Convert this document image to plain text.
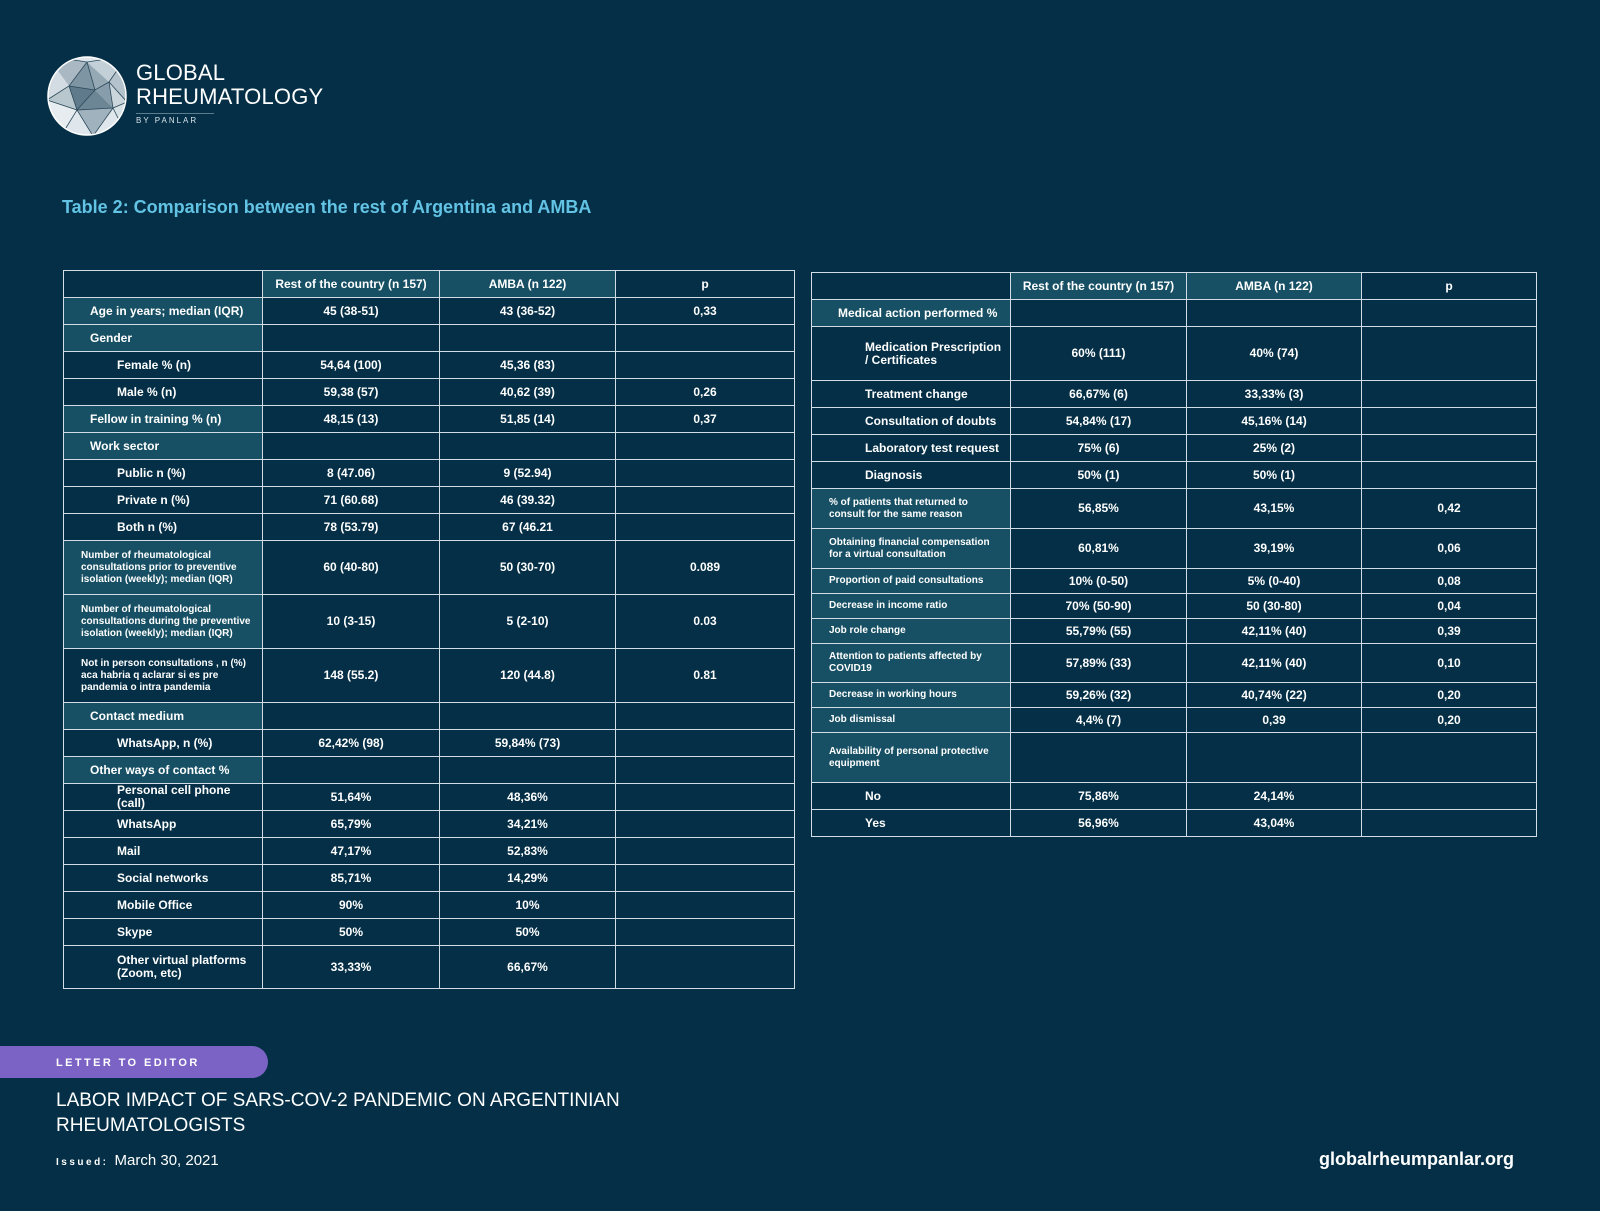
GLOBAL
RHEUMATOLOGY
BY PANLAR
Table 2: Comparison between the rest of Argentina and AMBA
	Rest of the country (n 157)	AMBA (n 122)	p
Age in years; median (IQR)	45 (38-51)	43 (36-52)	0,33
Gender			
Female % (n)	54,64 (100)	45,36 (83)	
Male % (n)	59,38 (57)	40,62 (39)	0,26
Fellow in training % (n)	48,15 (13)	51,85 (14)	0,37
Work sector			
Public n (%)	8 (47.06)	9 (52.94)	
Private n (%)	71 (60.68)	46 (39.32)	
Both n (%)	78 (53.79)	67 (46.21	
Number of rheumatological consultations prior to preventive isolation (weekly); median (IQR)	60 (40-80)	50 (30-70)	0.089
Number of rheumatological consultations during the preventive isolation (weekly); median (IQR)	10 (3-15)	5 (2-10)	0.03
Not in person consultations , n (%) aca habria q aclarar si es pre pandemia o intra pandemia	148 (55.2)	120 (44.8)	0.81
Contact medium			
WhatsApp, n (%)	62,42% (98)	59,84% (73)	
Other ways of contact %			
Personal cell phone (call)	51,64%	48,36%	
WhatsApp	65,79%	34,21%	
Mail	47,17%	52,83%	
Social networks	85,71%	14,29%	
Mobile Office	90%	10%	
Skype	50%	50%	
Other virtual platforms (Zoom, etc)	33,33%	66,67%	
	Rest of the country (n 157)	AMBA (n 122)	p
Medical action performed %			
Medication Prescription / Certificates	60% (111)	40% (74)	
Treatment change	66,67% (6)	33,33% (3)	
Consultation of doubts	54,84% (17)	45,16% (14)	
Laboratory test request	75% (6)	25% (2)	
Diagnosis	50% (1)	50% (1)	
% of patients that returned to consult for the same reason	56,85%	43,15%	0,42
Obtaining financial compensation for a virtual consultation	60,81%	39,19%	0,06
Proportion of paid consultations	10% (0-50)	5% (0-40)	0,08
Decrease in income ratio	70% (50-90)	50 (30-80)	0,04
Job role change	55,79% (55)	42,11% (40)	0,39
Attention to patients affected by COVID19	57,89% (33)	42,11% (40)	0,10
Decrease in working hours	59,26% (32)	40,74% (22)	0,20
Job dismissal	4,4% (7)	0,39	0,20
Availability of personal protective equipment			
No	75,86%	24,14%	
Yes	56,96%	43,04%	
LETTER TO EDITOR
LABOR IMPACT OF SARS-COV-2 PANDEMIC ON ARGENTINIAN RHEUMATOLOGISTS
Issued: March 30, 2021	globalrheumpanlar.org
